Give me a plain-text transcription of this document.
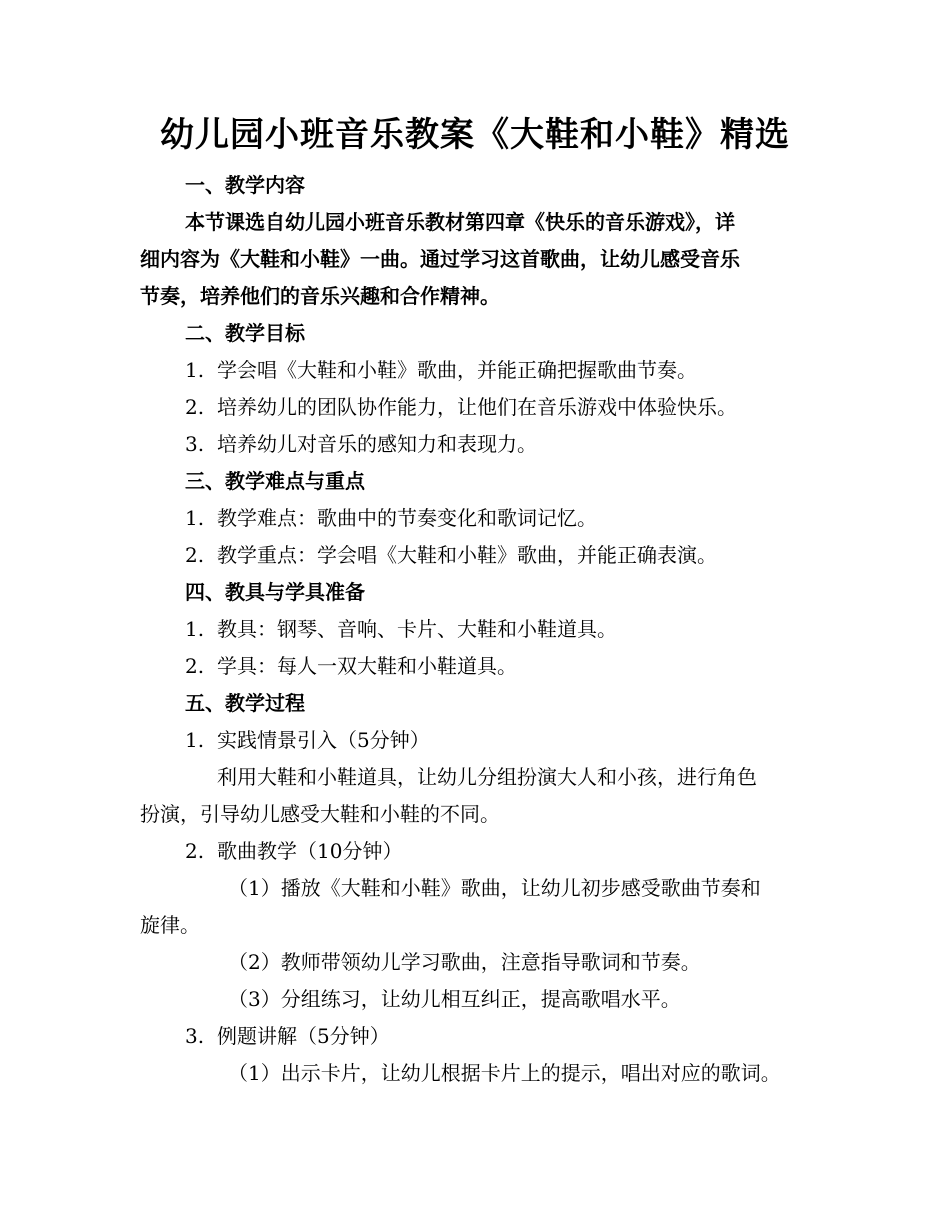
幼儿园小班音乐教案《大鞋和小鞋》精选
一、教学内容
本节课选自幼儿园小班音乐教材第四章《快乐的音乐游戏》，详
细内容为《大鞋和小鞋》一曲。通过学习这首歌曲，让幼儿感受音乐
节奏，培养他们的音乐兴趣和合作精神。
二、教学目标
1. 学会唱《大鞋和小鞋》歌曲，并能正确把握歌曲节奏。
2. 培养幼儿的团队协作能力，让他们在音乐游戏中体验快乐。
3. 培养幼儿对音乐的感知力和表现力。
三、教学难点与重点
1. 教学难点：歌曲中的节奏变化和歌词记忆。
2. 教学重点：学会唱《大鞋和小鞋》歌曲，并能正确表演。
四、教具与学具准备
1. 教具：钢琴、音响、卡片、大鞋和小鞋道具。
2. 学具：每人一双大鞋和小鞋道具。
五、教学过程
1. 实践情景引入（5分钟）
利用大鞋和小鞋道具，让幼儿分组扮演大人和小孩，进行角色
扮演，引导幼儿感受大鞋和小鞋的不同。
2. 歌曲教学（10分钟）
（1）播放《大鞋和小鞋》歌曲，让幼儿初步感受歌曲节奏和
旋律。
（2）教师带领幼儿学习歌曲，注意指导歌词和节奏。
（3）分组练习，让幼儿相互纠正，提高歌唱水平。
3. 例题讲解（5分钟）
（1）出示卡片，让幼儿根据卡片上的提示，唱出对应的歌词。
